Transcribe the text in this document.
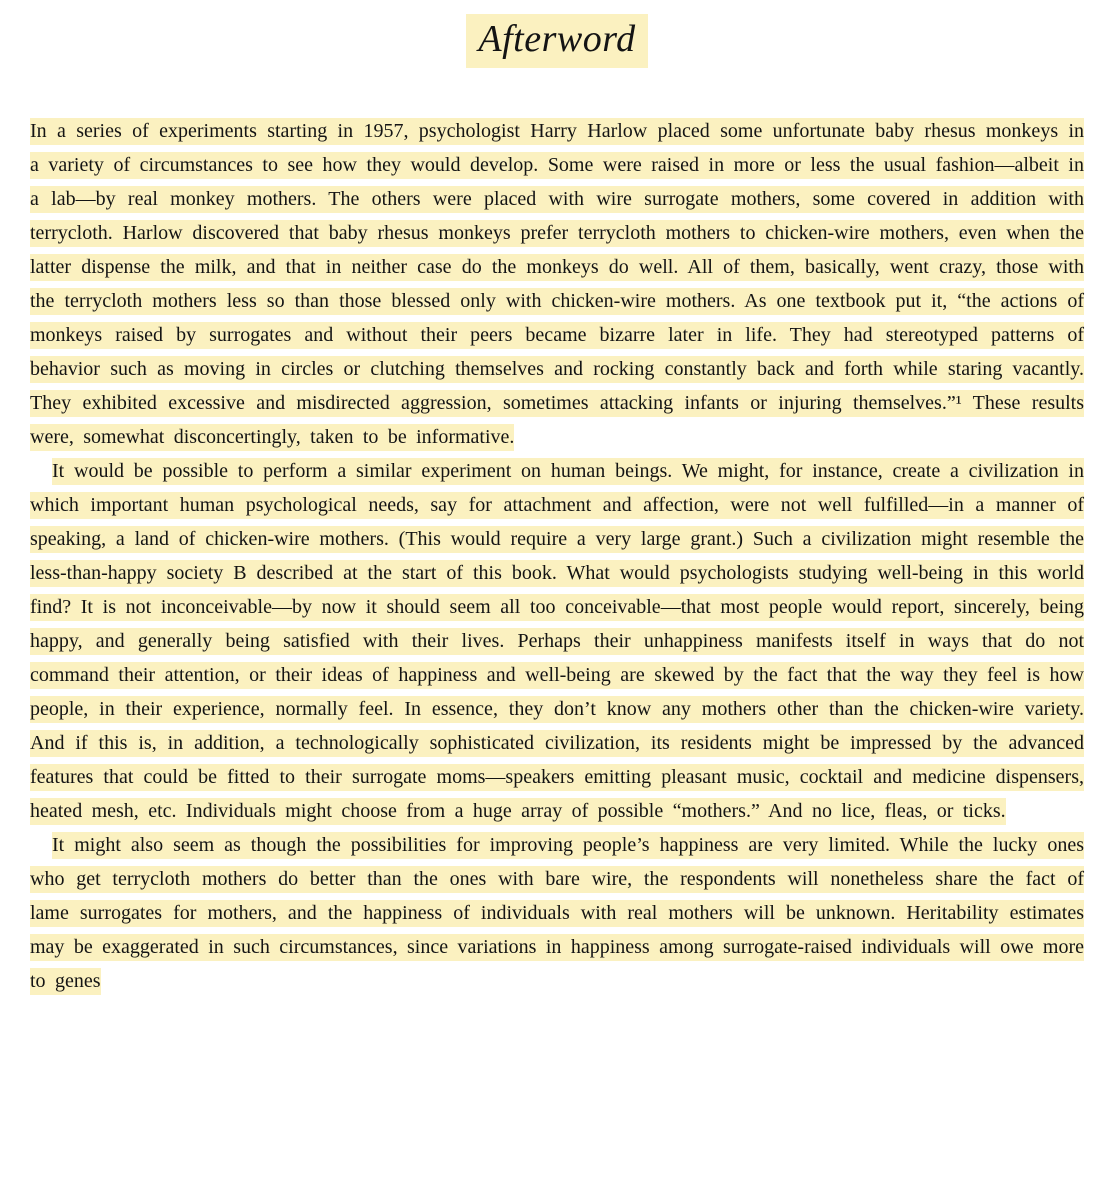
Afterword

In a series of experiments starting in 1957, psychologist Harry Harlow placed some unfortunate baby rhesus monkeys in a variety of circumstances to see how they would develop. Some were raised in more or less the usual fashion—albeit in a lab—by real monkey mothers. The others were placed with wire surrogate mothers, some covered in addition with terrycloth. Harlow discovered that baby rhesus monkeys prefer terrycloth mothers to chicken-wire mothers, even when the latter dispense the milk, and that in neither case do the monkeys do well. All of them, basically, went crazy, those with the terrycloth mothers less so than those blessed only with chicken-wire mothers. As one textbook put it, “the actions of monkeys raised by surrogates and without their peers became bizarre later in life. They had stereotyped patterns of behavior such as moving in circles or clutching themselves and rocking constantly back and forth while staring vacantly. They exhibited excessive and misdirected aggression, sometimes attacking infants or injuring themselves.”¹ These results were, somewhat disconcertingly, taken to be informative.

It would be possible to perform a similar experiment on human beings. We might, for instance, create a civilization in which important human psychological needs, say for attachment and affection, were not well fulfilled—in a manner of speaking, a land of chicken-wire mothers. (This would require a very large grant.) Such a civilization might resemble the less-than-happy society B described at the start of this book. What would psychologists studying well-being in this world find? It is not inconceivable—by now it should seem all too conceivable—that most people would report, sincerely, being happy, and generally being satisfied with their lives. Perhaps their unhappiness manifests itself in ways that do not command their attention, or their ideas of happiness and well-being are skewed by the fact that the way they feel is how people, in their experience, normally feel. In essence, they don’t know any mothers other than the chicken-wire variety. And if this is, in addition, a technologically sophisticated civilization, its residents might be impressed by the advanced features that could be fitted to their surrogate moms—speakers emitting pleasant music, cocktail and medicine dispensers, heated mesh, etc. Individuals might choose from a huge array of possible “mothers.” And no lice, fleas, or ticks.

It might also seem as though the possibilities for improving people’s happiness are very limited. While the lucky ones who get terrycloth mothers do better than the ones with bare wire, the respondents will nonetheless share the fact of lame surrogates for mothers, and the happiness of individuals with real mothers will be unknown. Heritability estimates may be exaggerated in such circumstances, since variations in happiness among surrogate-raised individuals will owe more to genes
